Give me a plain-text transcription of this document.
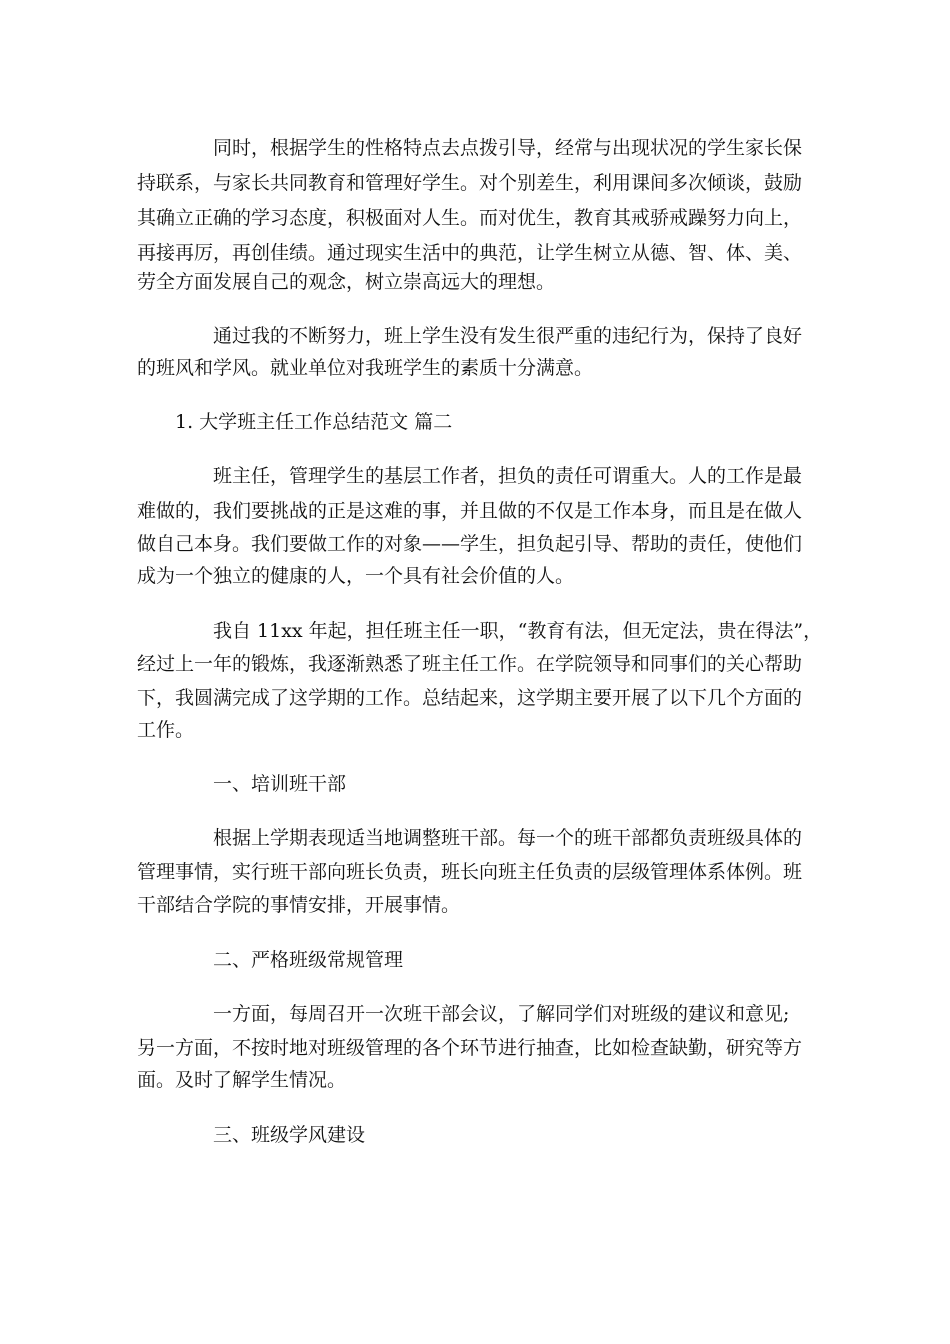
同时，根据学生的性格特点去点拨引导，经常与出现状况的学生家长保
持联系，与家长共同教育和管理好学生。对个别差生，利用课间多次倾谈，鼓励
其确立正确的学习态度，积极面对人生。而对优生，教育其戒骄戒躁努力向上，
再接再厉，再创佳绩。通过现实生活中的典范，让学生树立从德、智、体、美、
劳全方面发展自己的观念，树立崇高远大的理想。
通过我的不断努力，班上学生没有发生很严重的违纪行为，保持了良好
的班风和学风。就业单位对我班学生的素质十分满意。
1. 大学班主任工作总结范文 篇二
班主任，管理学生的基层工作者，担负的责任可谓重大。人的工作是最
难做的，我们要挑战的正是这难的事，并且做的不仅是工作本身，而且是在做人
做自己本身。我们要做工作的对象——学生，担负起引导、帮助的责任，使他们
成为一个独立的健康的人，一个具有社会价值的人。
我自 11xx 年起，担任班主任一职，“教育有法，但无定法，贵在得法”，
经过上一年的锻炼，我逐渐熟悉了班主任工作。在学院领导和同事们的关心帮助
下，我圆满完成了这学期的工作。总结起来，这学期主要开展了以下几个方面的
工作。
一、培训班干部
根据上学期表现适当地调整班干部。每一个的班干部都负责班级具体的
管理事情，实行班干部向班长负责，班长向班主任负责的层级管理体系体例。班
干部结合学院的事情安排，开展事情。
二、严格班级常规管理
一方面，每周召开一次班干部会议，了解同学们对班级的建议和意见;
另一方面，不按时地对班级管理的各个环节进行抽查，比如检查缺勤，研究等方
面。及时了解学生情况。
三、班级学风建设
